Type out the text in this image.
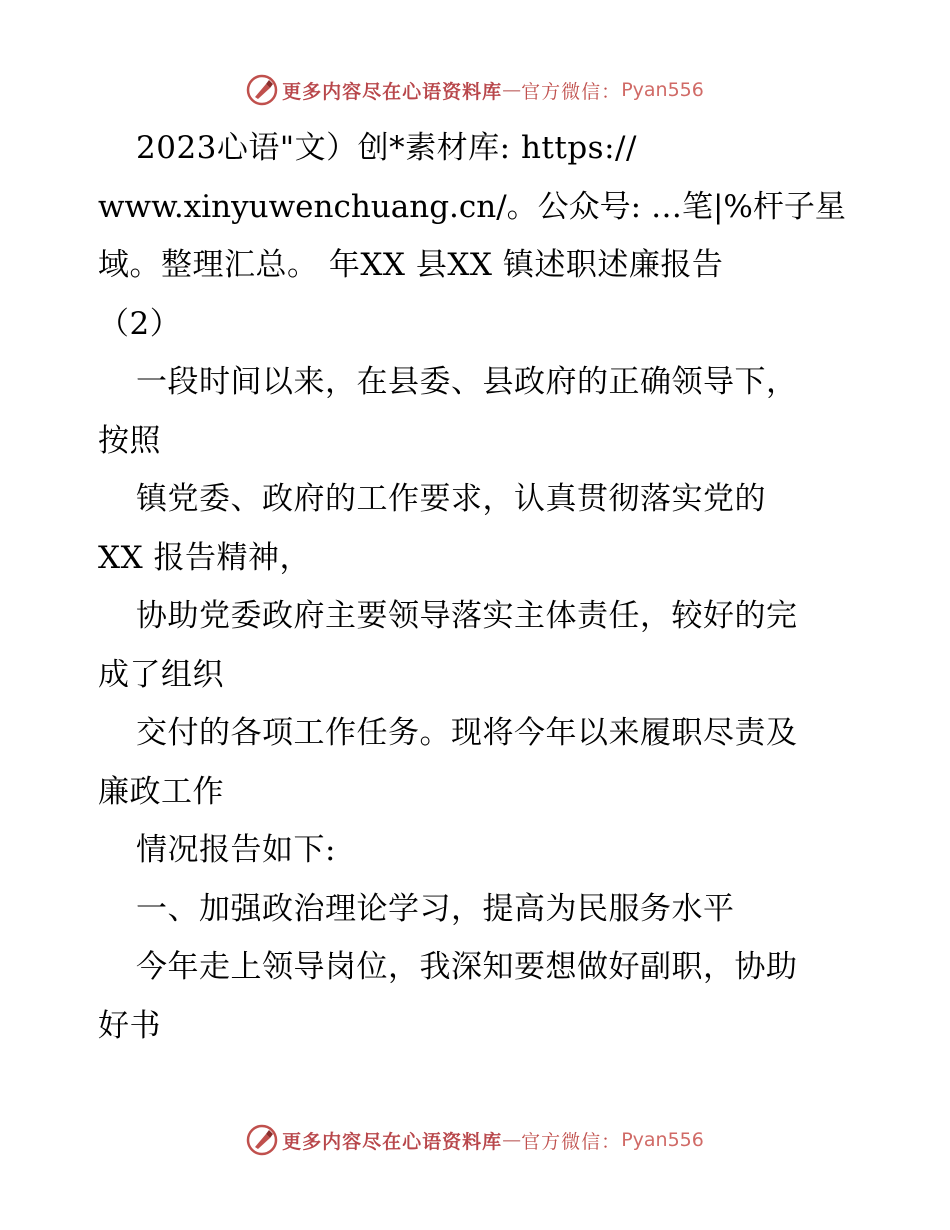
更多内容尽在心语资料库 — 官方微信： Pyan556
2023心语"文）创*素材库: https://
www.xinyuwenchuang.cn/。公众号: …笔|%杆子星
域。整理汇总。 年XX 县XX 镇述职述廉报告
（2）
一段时间以来，在县委、县政府的正确领导下，
按照
镇党委、政府的工作要求，认真贯彻落实党的
XX 报告精神，
协助党委政府主要领导落实主体责任，较好的完
成了组织
交付的各项工作任务。现将今年以来履职尽责及
廉政工作
情况报告如下:
一、加强政治理论学习，提高为民服务水平
今年走上领导岗位，我深知要想做好副职，协助
好书
更多内容尽在心语资料库 — 官方微信： Pyan556
